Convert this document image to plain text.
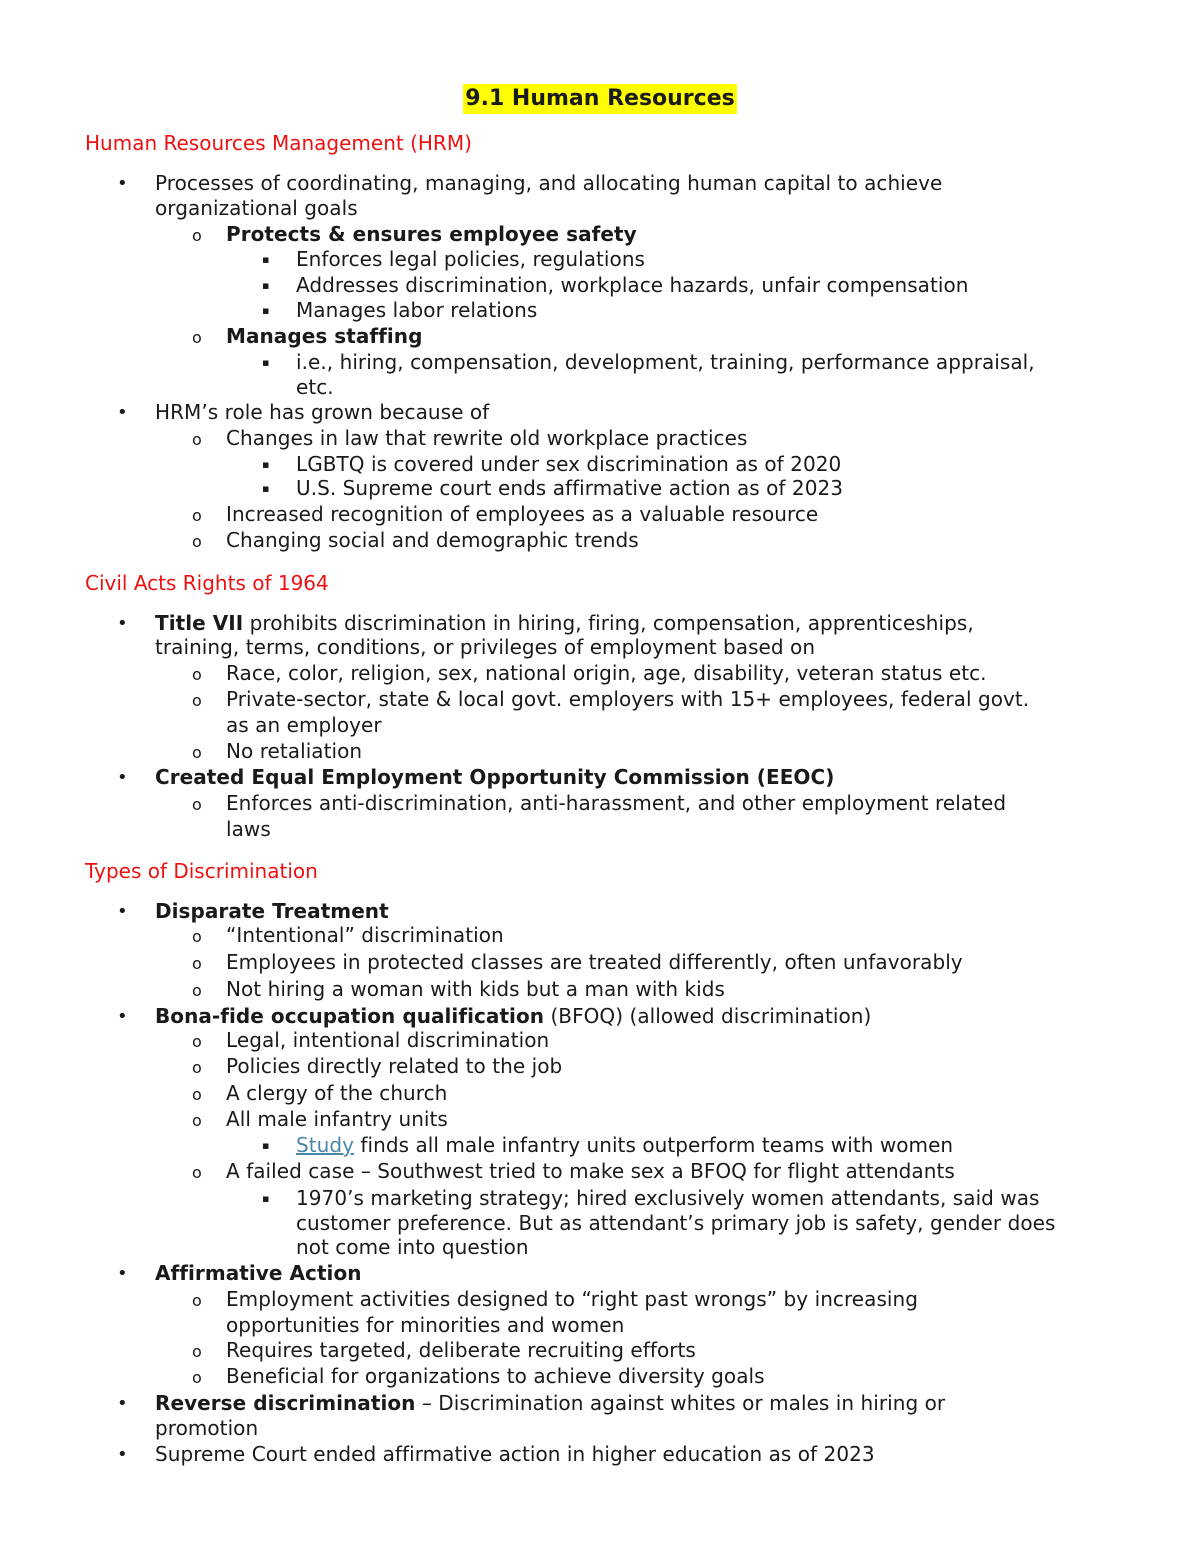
9.1 Human Resources
Human Resources Management (HRM)
• Processes of coordinating, managing, and allocating human capital to achieve
organizational goals
o Protects & ensures employee safety
▪ Enforces legal policies, regulations
▪ Addresses discrimination, workplace hazards, unfair compensation
▪ Manages labor relations
o Manages staffing
▪ i.e., hiring, compensation, development, training, performance appraisal,
etc.
• HRM’s role has grown because of
o Changes in law that rewrite old workplace practices
▪ LGBTQ is covered under sex discrimination as of 2020
▪ U.S. Supreme court ends affirmative action as of 2023
o Increased recognition of employees as a valuable resource
o Changing social and demographic trends
Civil Acts Rights of 1964
• Title VII prohibits discrimination in hiring, firing, compensation, apprenticeships,
training, terms, conditions, or privileges of employment based on
o Race, color, religion, sex, national origin, age, disability, veteran status etc.
o Private-sector, state & local govt. employers with 15+ employees, federal govt.
as an employer
o No retaliation
• Created Equal Employment Opportunity Commission (EEOC)
o Enforces anti-discrimination, anti-harassment, and other employment related
laws
Types of Discrimination
• Disparate Treatment
o “Intentional” discrimination
o Employees in protected classes are treated differently, often unfavorably
o Not hiring a woman with kids but a man with kids
• Bona-fide occupation qualification (BFOQ) (allowed discrimination)
o Legal, intentional discrimination
o Policies directly related to the job
o A clergy of the church
o All male infantry units
▪ Study finds all male infantry units outperform teams with women
o A failed case – Southwest tried to make sex a BFOQ for flight attendants
▪ 1970’s marketing strategy; hired exclusively women attendants, said was
customer preference. But as attendant’s primary job is safety, gender does
not come into question
• Affirmative Action
o Employment activities designed to “right past wrongs” by increasing
opportunities for minorities and women
o Requires targeted, deliberate recruiting efforts
o Beneficial for organizations to achieve diversity goals
• Reverse discrimination – Discrimination against whites or males in hiring or
promotion
• Supreme Court ended affirmative action in higher education as of 2023
